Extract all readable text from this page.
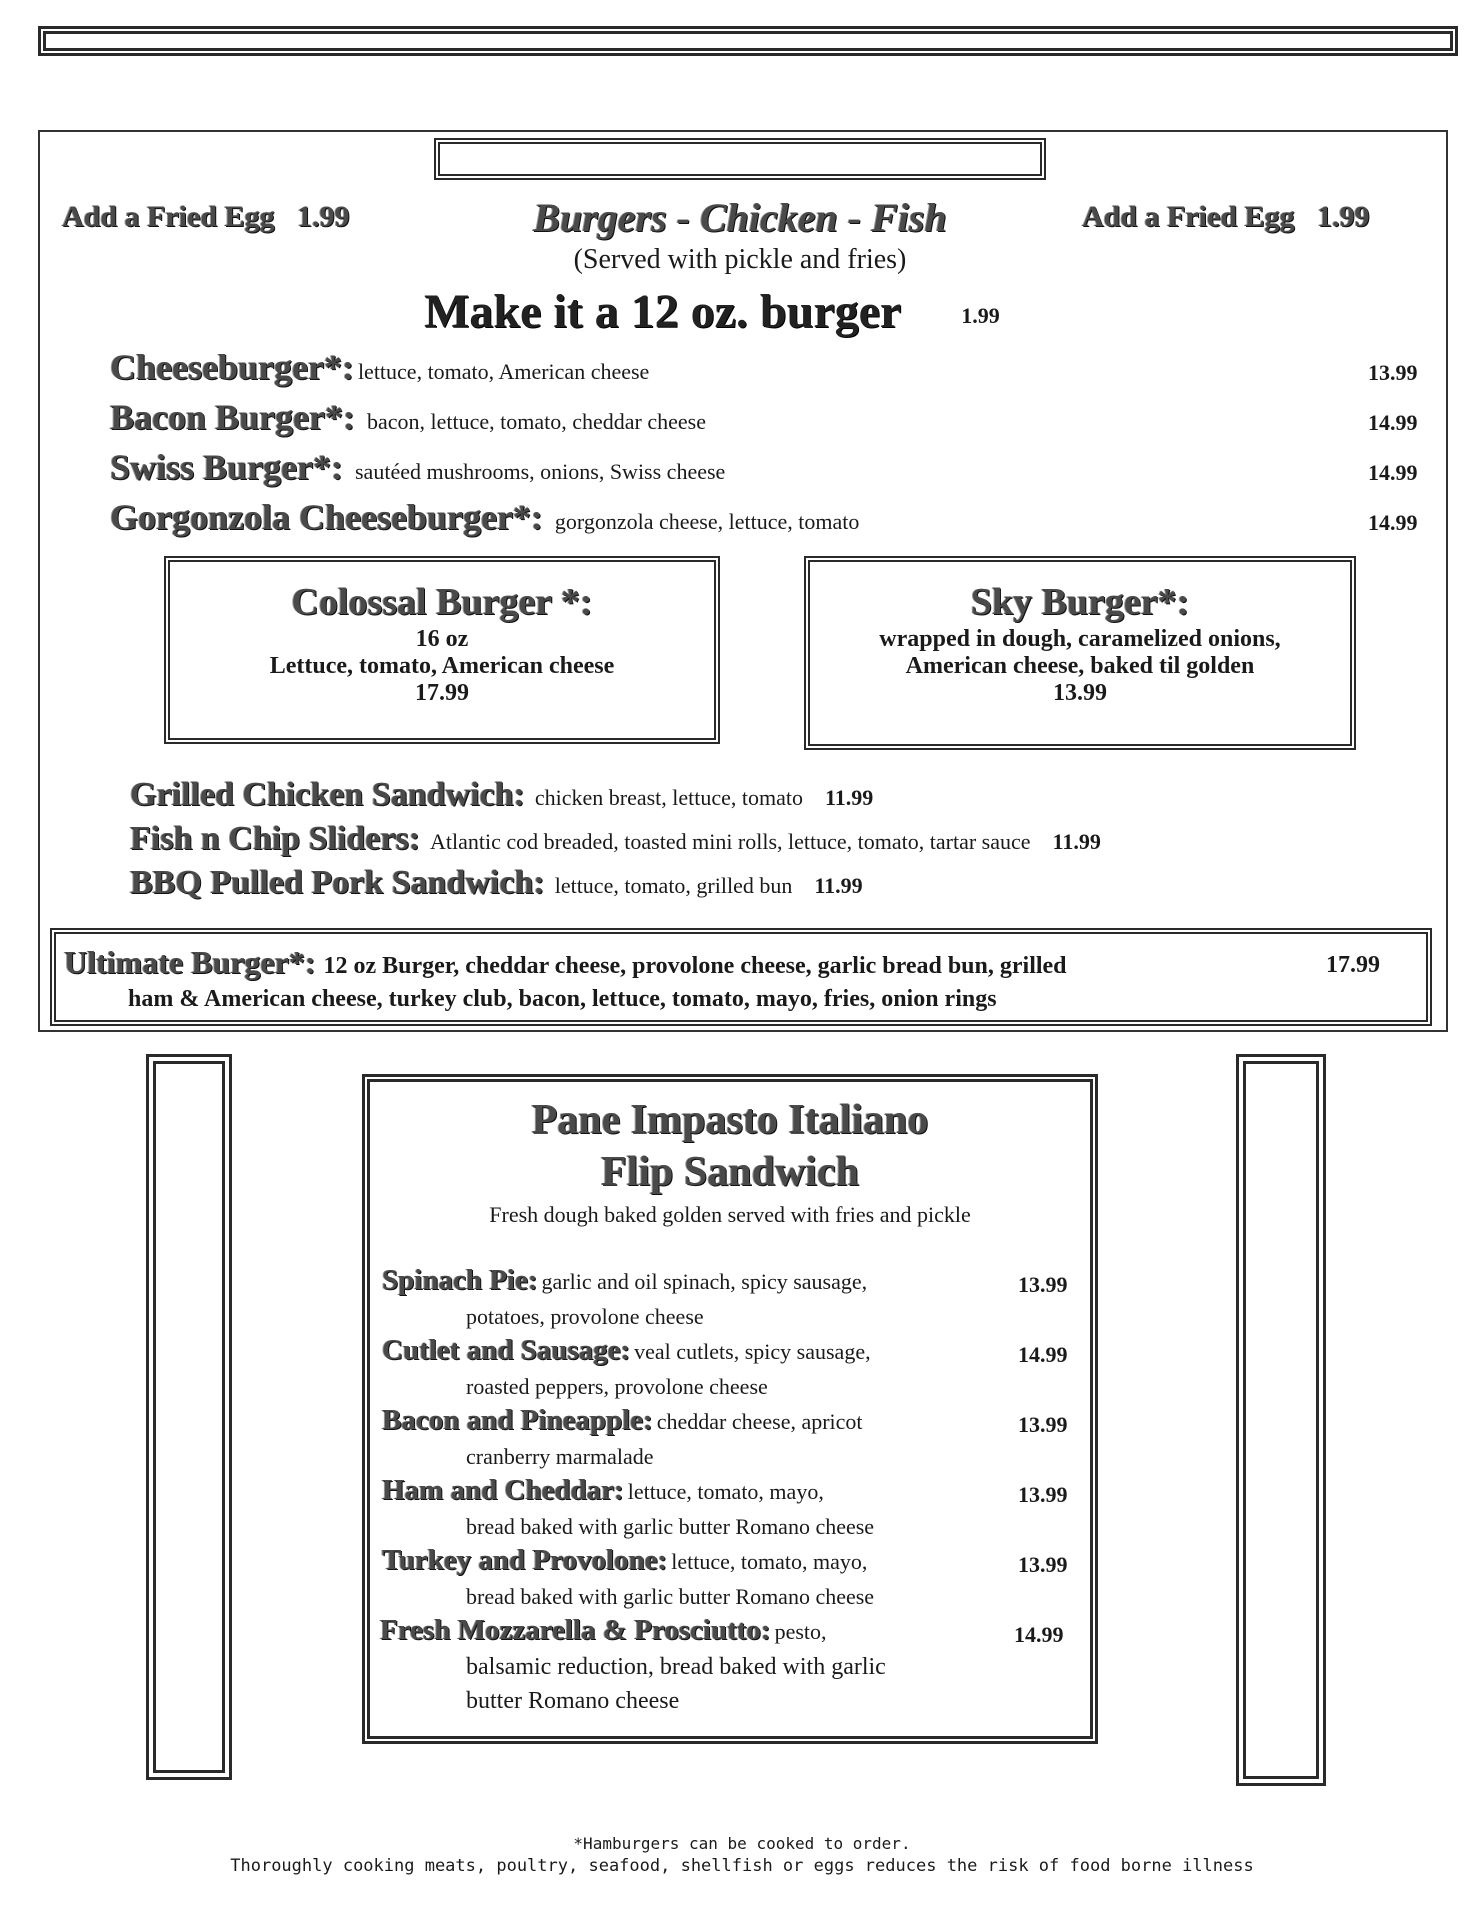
Add a Fried Egg 1.99	Add a Fried Egg 1.99
Burgers - Chicken - Fish
(Served with pickle and fries)
Make it a 12 oz. burger	1.99
Cheeseburger*: lettuce, tomato, American cheese	13.99
Bacon Burger*: bacon, lettuce, tomato, cheddar cheese	14.99
Swiss Burger*: sautéed mushrooms, onions, Swiss cheese	14.99
Gorgonzola Cheeseburger*: gorgonzola cheese, lettuce, tomato	14.99
Colossal Burger *:
16 oz
Lettuce, tomato, American cheese
17.99
Sky Burger*:
wrapped in dough, caramelized onions,
American cheese, baked til golden
13.99
Grilled Chicken Sandwich: chicken breast, lettuce, tomato 11.99
Fish n Chip Sliders: Atlantic cod breaded, toasted mini rolls, lettuce, tomato, tartar sauce 11.99
BBQ Pulled Pork Sandwich: lettuce, tomato, grilled bun 11.99
Ultimate Burger*: 12 oz Burger, cheddar cheese, provolone cheese, garlic bread bun, grilled	17.99
ham & American cheese, turkey club, bacon, lettuce, tomato, mayo, fries, onion rings
Pane Impasto Italiano
Flip Sandwich
Fresh dough baked golden served with fries and pickle
Spinach Pie: garlic and oil spinach, spicy sausage,	13.99
potatoes, provolone cheese
Cutlet and Sausage: veal cutlets, spicy sausage,	14.99
roasted peppers, provolone cheese
Bacon and Pineapple: cheddar cheese, apricot	13.99
cranberry marmalade
Ham and Cheddar: lettuce, tomato, mayo,	13.99
bread baked with garlic butter Romano cheese
Turkey and Provolone: lettuce, tomato, mayo,	13.99
bread baked with garlic butter Romano cheese
Fresh Mozzarella & Prosciutto: pesto,	14.99
balsamic reduction, bread baked with garlic
butter Romano cheese
*Hamburgers can be cooked to order.
Thoroughly cooking meats, poultry, seafood, shellfish or eggs reduces the risk of food borne illness
